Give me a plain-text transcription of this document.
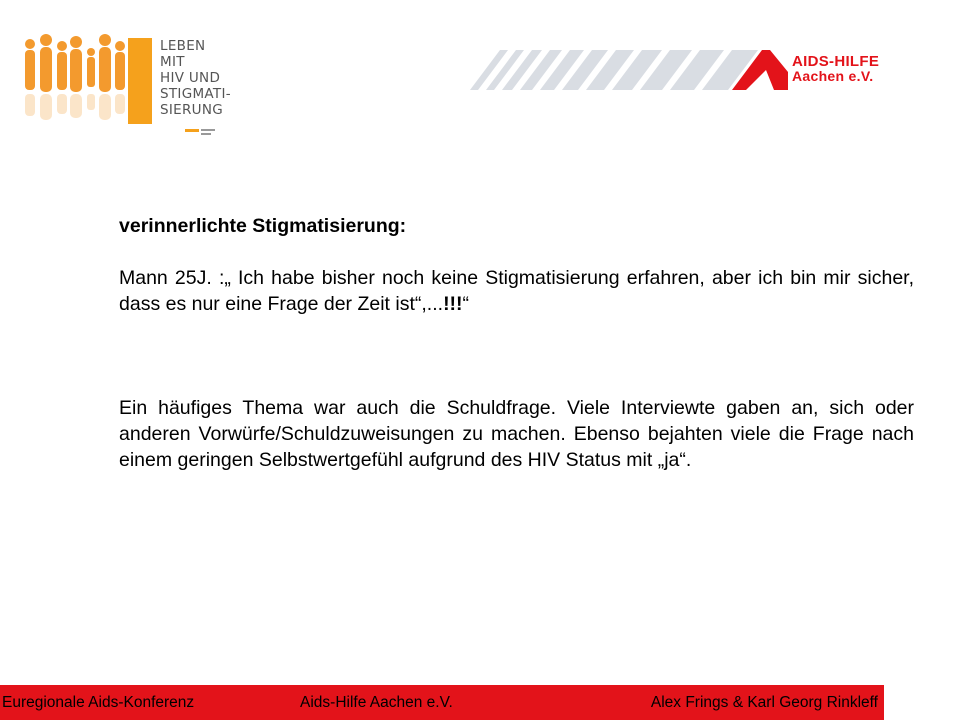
LEBEN MIT
HIV UND
STIGMATI-
SIERUNG
AIDS-HILFE
Aachen e.V.

verinnerlichte Stigmatisierung:

Mann 25J. :„ Ich habe bisher noch keine Stigmatisierung erfahren, aber ich bin mir sicher, dass es nur eine Frage der Zeit ist“,...!!!“

Ein häufiges Thema war auch die Schuldfrage. Viele Interviewte gaben an, sich oder anderen Vorwürfe/Schuldzuweisungen zu machen. Ebenso bejahten viele die Frage nach einem geringen Selbstwertgefühl aufgrund des HIV Status mit „ja“.

Euregionale Aids-Konferenz	Aids-Hilfe Aachen e.V.	Alex Frings & Karl Georg Rinkleff
